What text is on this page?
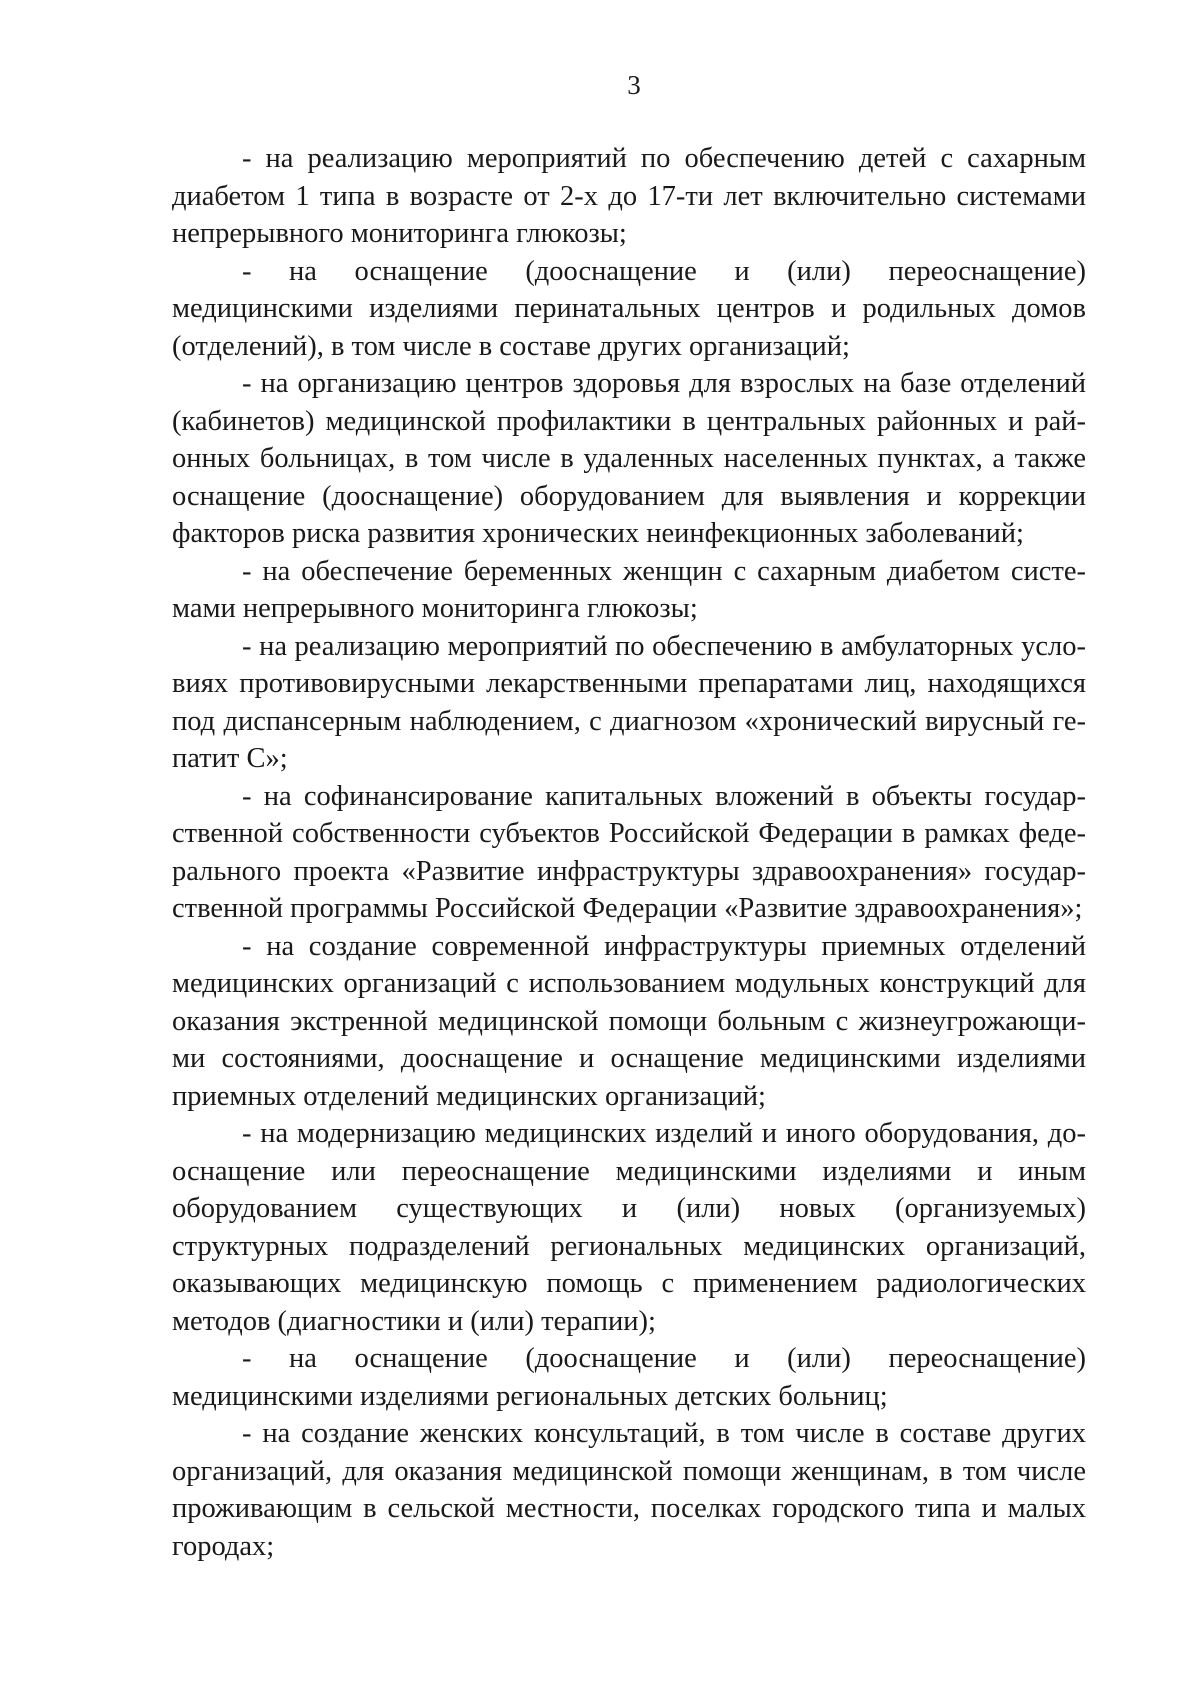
3

- на реализацию мероприятий по обеспечению детей с сахарным диабетом 1 типа в возрасте от 2-х до 17-ти лет включительно системами непрерывного мониторинга глюкозы;

- на оснащение (дооснащение и (или) переоснащение) медицинскими изделиями перинатальных центров и родильных домов (отделений), в том числе в составе других организаций;

- на организацию центров здоровья для взрослых на базе отделений (кабинетов) медицинской профилактики в центральных районных и районных больницах, в том числе в удаленных населенных пунктах, а также оснащение (дооснащение) оборудованием для выявления и коррекции факторов риска развития хронических неинфекционных заболеваний;

- на обеспечение беременных женщин с сахарным диабетом системами непрерывного мониторинга глюкозы;

- на реализацию мероприятий по обеспечению в амбулаторных условиях противовирусными лекарственными препаратами лиц, находящихся под диспансерным наблюдением, с диагнозом «хронический вирусный гепатит С»;

- на софинансирование капитальных вложений в объекты государственной собственности субъектов Российской Федерации в рамках федерального проекта «Развитие инфраструктуры здравоохранения» государственной программы Российской Федерации «Развитие здравоохранения»;

- на создание современной инфраструктуры приемных отделений медицинских организаций с использованием модульных конструкций для оказания экстренной медицинской помощи больным с жизнеугрожающими состояниями, дооснащение и оснащение медицинскими изделиями приемных отделений медицинских организаций;

- на модернизацию медицинских изделий и иного оборудования, дооснащение или переоснащение медицинскими изделиями и иным оборудованием существующих и (или) новых (организуемых) структурных подразделений региональных медицинских организаций, оказывающих медицинскую помощь с применением радиологических методов (диагностики и (или) терапии);

- на оснащение (дооснащение и (или) переоснащение) медицинскими изделиями региональных детских больниц;

- на создание женских консультаций, в том числе в составе других организаций, для оказания медицинской помощи женщинам, в том числе проживающим в сельской местности, поселках городского типа и малых городах;
